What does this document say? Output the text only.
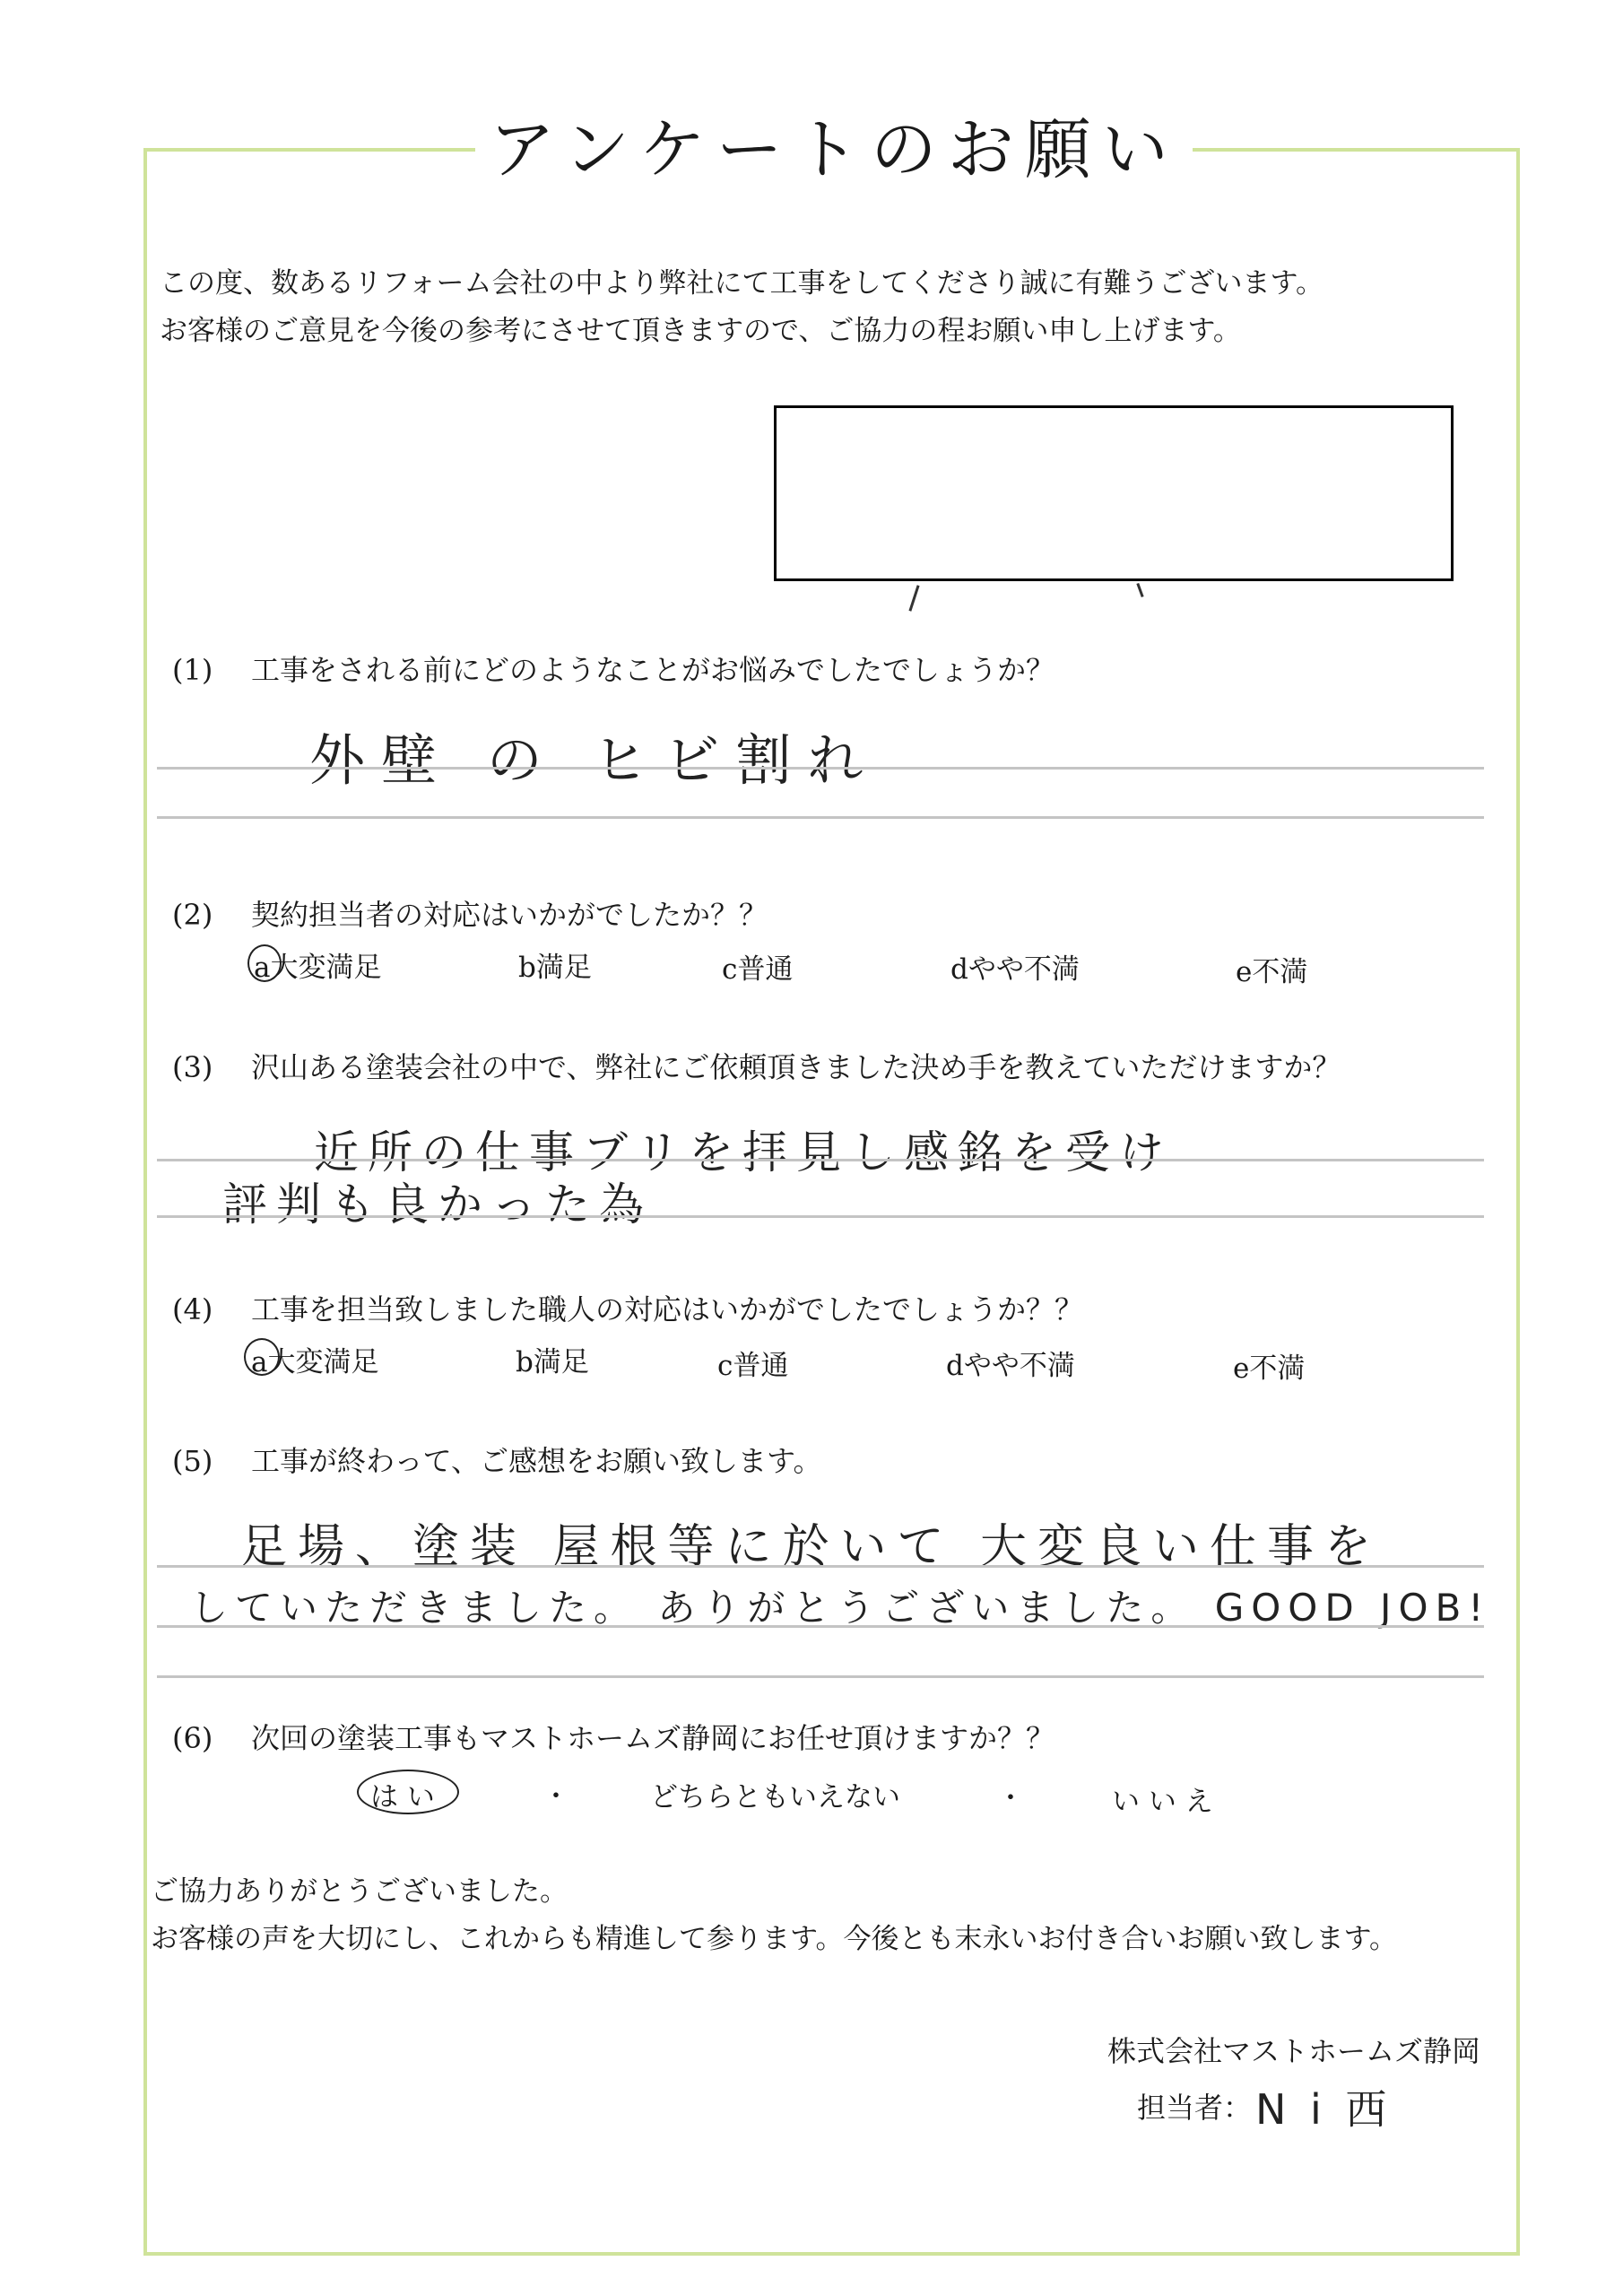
アンケートのお願い
この度、数あるリフォーム会社の中より弊社にて工事をしてくださり誠に有難うございます。
お客様のご意見を今後の参考にさせて頂きますので、ご協力の程お願い申し上げます。
(1) 工事をされる前にどのようなことがお悩みでしたでしょうか？
外壁 の ヒビ割れ
(2) 契約担当者の対応はいかがでしたか？？
a大変満足	b満足	c普通	dやや不満	e不満
(3) 沢山ある塗装会社の中で、弊社にご依頼頂きました決め手を教えていただけますか？
近所の仕事ブリを拝見し感銘を受け
評判も良かった為
(4) 工事を担当致しました職人の対応はいかがでしたでしょうか？？
a大変満足	b満足	c普通	dやや不満	e不満
(5) 工事が終わって、ご感想をお願い致します。
足場、塗装 屋根等に於いて 大変良い仕事を
していただきました。 ありがとうございました。 GOOD JOB!
(6) 次回の塗装工事もマストホームズ静岡にお任せ頂けますか？？
は い	・	どちらともいえない	・	い い え
ご協力ありがとうございました。
お客様の声を大切にし、これからも精進して参ります。今後とも末永いお付き合いお願い致します。
株式会社マストホームズ静岡
担当者： N i 西
